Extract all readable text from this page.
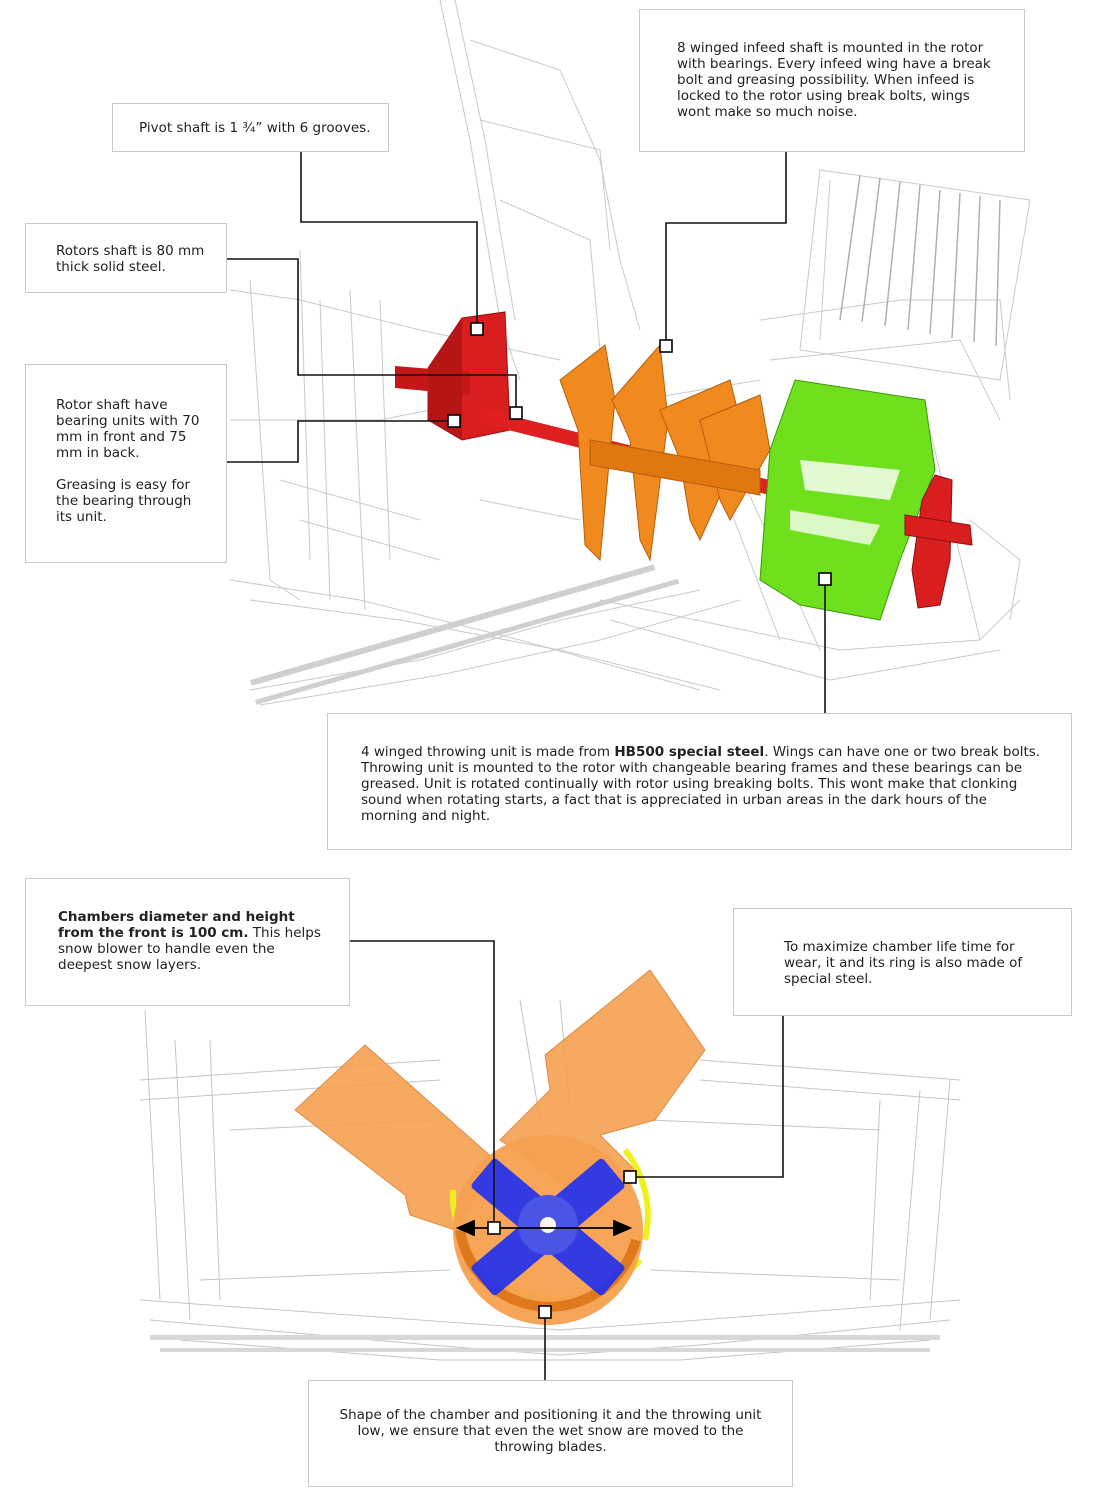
Pivot shaft is 1 ¾” with 6 grooves.

8 winged infeed shaft is mounted in the rotor with bearings. Every infeed wing have a break bolt and greasing possibility. When infeed is locked to the rotor using break bolts, wings wont make so much noise.

Rotors shaft is 80 mm thick solid steel.

Rotor shaft have bearing units with 70 mm in front and 75 mm in back.

Greasing is easy for the bearing through its unit.

4 winged throwing unit is made from HB500 special steel. Wings can have one or two break bolts. Throwing unit is mounted to the rotor with changeable bearing frames and these bearings can be greased. Unit is rotated continually with rotor using breaking bolts. This wont make that clonking sound when rotating starts, a fact that is appreciated in urban areas in the dark hours of the morning and night.

Chambers diameter and height from the front is 100 cm. This helps snow blower to handle even the deepest snow layers.

To maximize chamber life time for wear, it and its ring is also made of special steel.

Shape of the chamber and positioning it and the throwing unit low, we ensure that even the wet snow are moved to the throwing blades.
